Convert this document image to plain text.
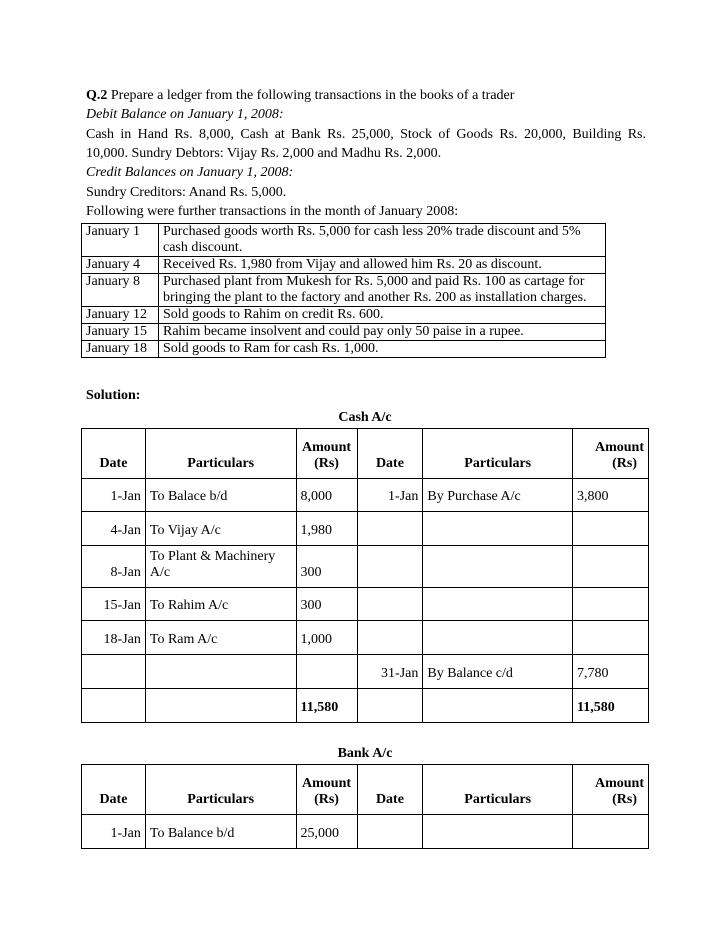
Q.2 Prepare a ledger from the following transactions in the books of a trader
Debit Balance on January 1, 2008:
Cash in Hand Rs. 8,000, Cash at Bank Rs. 25,000, Stock of Goods Rs. 20,000, Building Rs.
10,000. Sundry Debtors: Vijay Rs. 2,000 and Madhu Rs. 2,000.
Credit Balances on January 1, 2008:
Sundry Creditors: Anand Rs. 5,000.
Following were further transactions in the month of January 2008:
January 1	Purchased goods worth Rs. 5,000 for cash less 20% trade discount and 5%
cash discount.
January 4	Received Rs. 1,980 from Vijay and allowed him Rs. 20 as discount.
January 8	Purchased plant from Mukesh for Rs. 5,000 and paid Rs. 100 as cartage for
bringing the plant to the factory and another Rs. 200 as installation charges.
January 12	Sold goods to Rahim on credit Rs. 600.
January 15	Rahim became insolvent and could pay only 50 paise in a rupee.
January 18	Sold goods to Ram for cash Rs. 1,000.
Solution:
Cash A/c
Date	Particulars	Amount
(Rs)	Date	Particulars	Amount
(Rs)
1-Jan	To Balace b/d	8,000	1-Jan	By Purchase A/c	3,800
4-Jan	To Vijay A/c	1,980			
8-Jan	To Plant & Machinery
A/c	300			
15-Jan	To Rahim A/c	300			
18-Jan	To Ram A/c	1,000			
			31-Jan	By Balance c/d	7,780
		11,580			11,580
Bank A/c
Date	Particulars	Amount
(Rs)	Date	Particulars	Amount
(Rs)
1-Jan	To Balance b/d	25,000			
